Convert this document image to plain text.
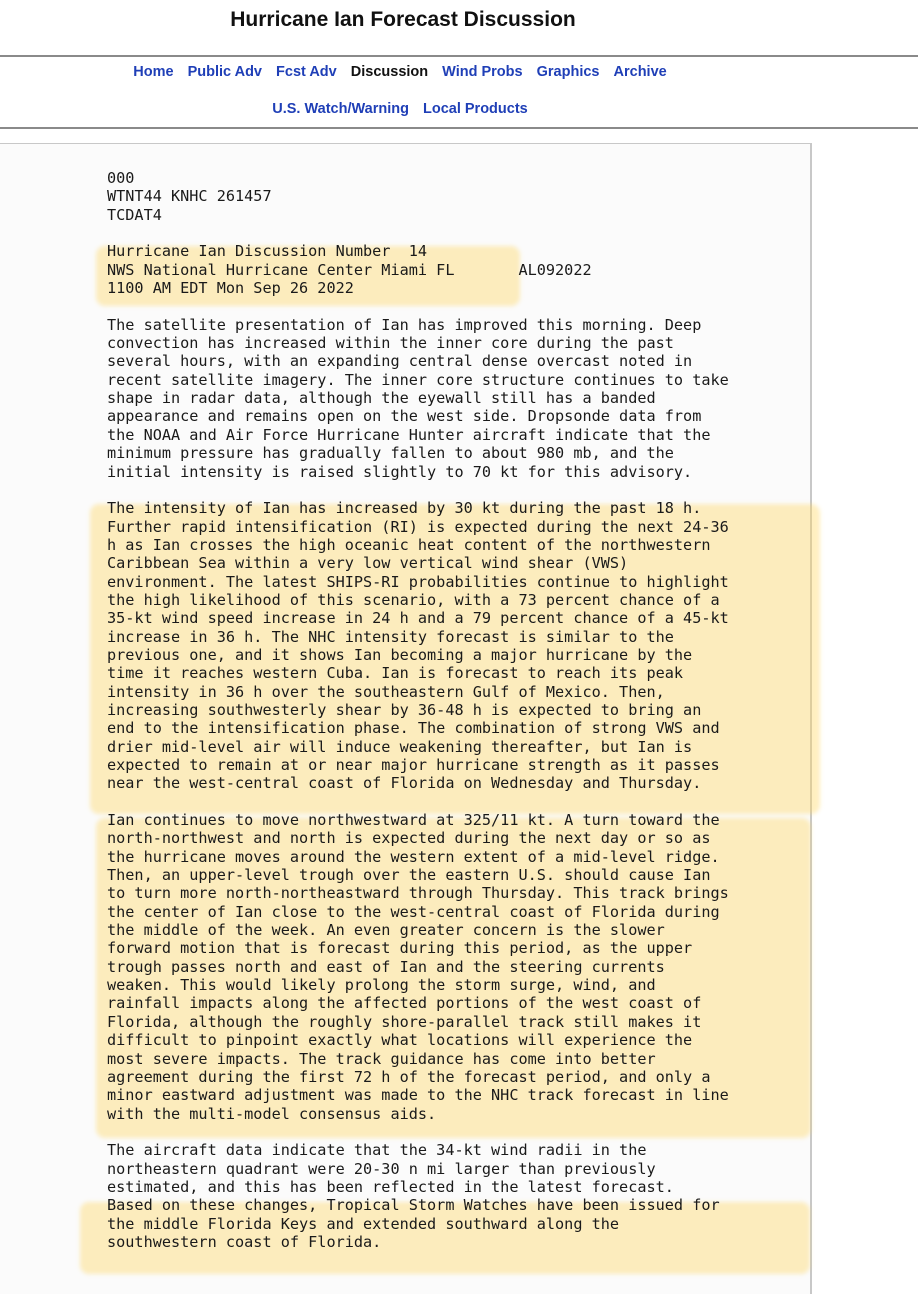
Hurricane Ian Forecast Discussion
Home Public Adv Fcst Adv Discussion Wind Probs Graphics Archive
U.S. Watch/Warning Local Products
000
WTNT44 KNHC 261457
TCDAT4

Hurricane Ian Discussion Number  14
NWS National Hurricane Center Miami FL       AL092022
1100 AM EDT Mon Sep 26 2022

The satellite presentation of Ian has improved this morning. Deep
convection has increased within the inner core during the past
several hours, with an expanding central dense overcast noted in
recent satellite imagery. The inner core structure continues to take
shape in radar data, although the eyewall still has a banded
appearance and remains open on the west side. Dropsonde data from
the NOAA and Air Force Hurricane Hunter aircraft indicate that the
minimum pressure has gradually fallen to about 980 mb, and the
initial intensity is raised slightly to 70 kt for this advisory.

The intensity of Ian has increased by 30 kt during the past 18 h.
Further rapid intensification (RI) is expected during the next 24-36
h as Ian crosses the high oceanic heat content of the northwestern
Caribbean Sea within a very low vertical wind shear (VWS)
environment. The latest SHIPS-RI probabilities continue to highlight
the high likelihood of this scenario, with a 73 percent chance of a
35-kt wind speed increase in 24 h and a 79 percent chance of a 45-kt
increase in 36 h. The NHC intensity forecast is similar to the
previous one, and it shows Ian becoming a major hurricane by the
time it reaches western Cuba. Ian is forecast to reach its peak
intensity in 36 h over the southeastern Gulf of Mexico. Then,
increasing southwesterly shear by 36-48 h is expected to bring an
end to the intensification phase. The combination of strong VWS and
drier mid-level air will induce weakening thereafter, but Ian is
expected to remain at or near major hurricane strength as it passes
near the west-central coast of Florida on Wednesday and Thursday.

Ian continues to move northwestward at 325/11 kt. A turn toward the
north-northwest and north is expected during the next day or so as
the hurricane moves around the western extent of a mid-level ridge.
Then, an upper-level trough over the eastern U.S. should cause Ian
to turn more north-northeastward through Thursday. This track brings
the center of Ian close to the west-central coast of Florida during
the middle of the week. An even greater concern is the slower
forward motion that is forecast during this period, as the upper
trough passes north and east of Ian and the steering currents
weaken. This would likely prolong the storm surge, wind, and
rainfall impacts along the affected portions of the west coast of
Florida, although the roughly shore-parallel track still makes it
difficult to pinpoint exactly what locations will experience the
most severe impacts. The track guidance has come into better
agreement during the first 72 h of the forecast period, and only a
minor eastward adjustment was made to the NHC track forecast in line
with the multi-model consensus aids.

The aircraft data indicate that the 34-kt wind radii in the
northeastern quadrant were 20-30 n mi larger than previously
estimated, and this has been reflected in the latest forecast.
Based on these changes, Tropical Storm Watches have been issued for
the middle Florida Keys and extended southward along the
southwestern coast of Florida.
